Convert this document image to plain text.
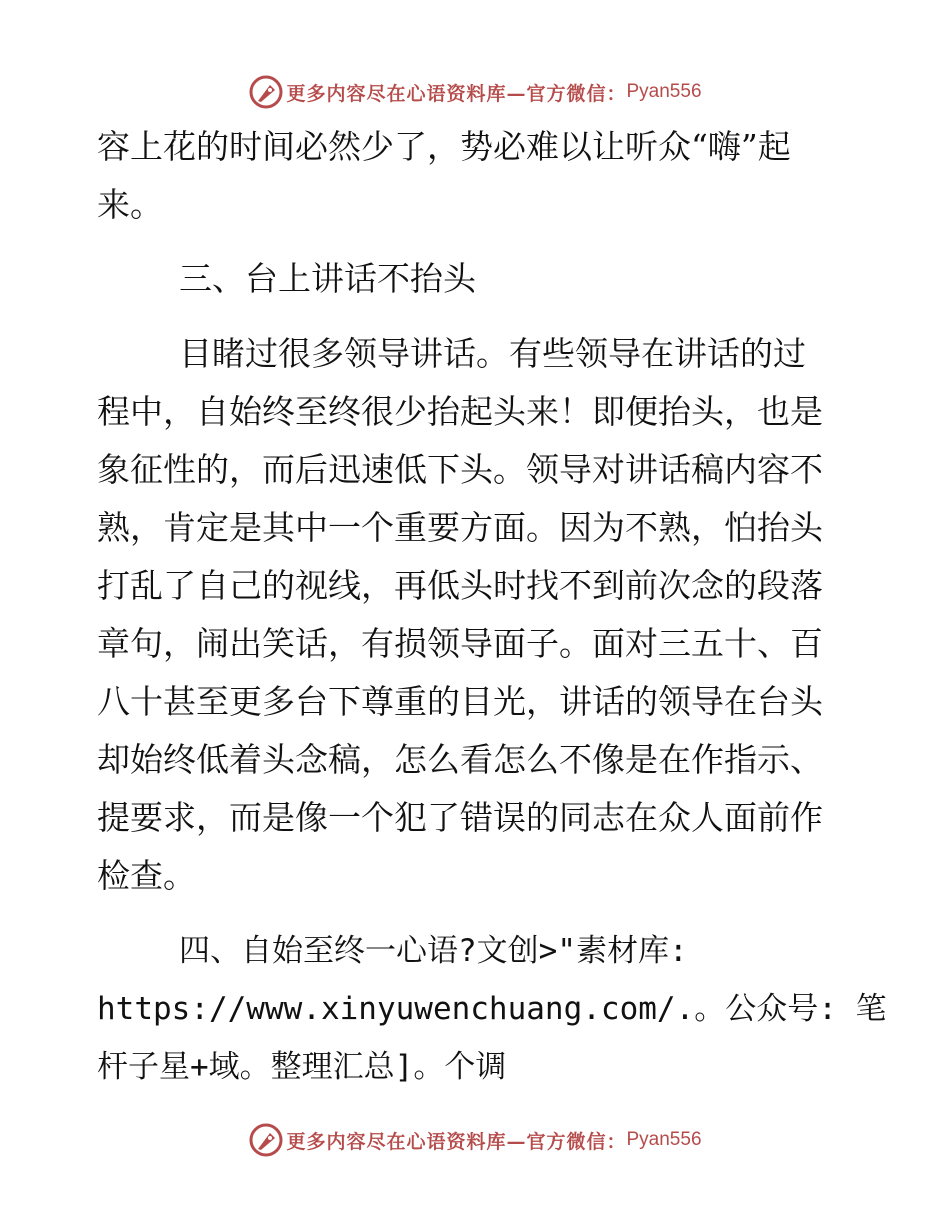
更多内容尽在心语资料库—官方微信： Pyan556

容上花的时间必然少了，势必难以让听众“嗨”起
来。

三、台上讲话不抬头

目睹过很多领导讲话。有些领导在讲话的过
程中，自始终至终很少抬起头来！即便抬头，也是
象征性的，而后迅速低下头。领导对讲话稿内容不
熟，肯定是其中一个重要方面。因为不熟，怕抬头
打乱了自己的视线，再低头时找不到前次念的段落
章句，闹出笑话，有损领导面子。面对三五十、百
八十甚至更多台下尊重的目光，讲话的领导在台头
却始终低着头念稿，怎么看怎么不像是在作指示、
提要求，而是像一个犯了错误的同志在众人面前作
检查。

四、自始至终一心语?文创>"素材库:
https://www.xinyuwenchuang.com/.。公众号: 笔
杆子星+域。整理汇总]。个调

更多内容尽在心语资料库—官方微信： Pyan556
